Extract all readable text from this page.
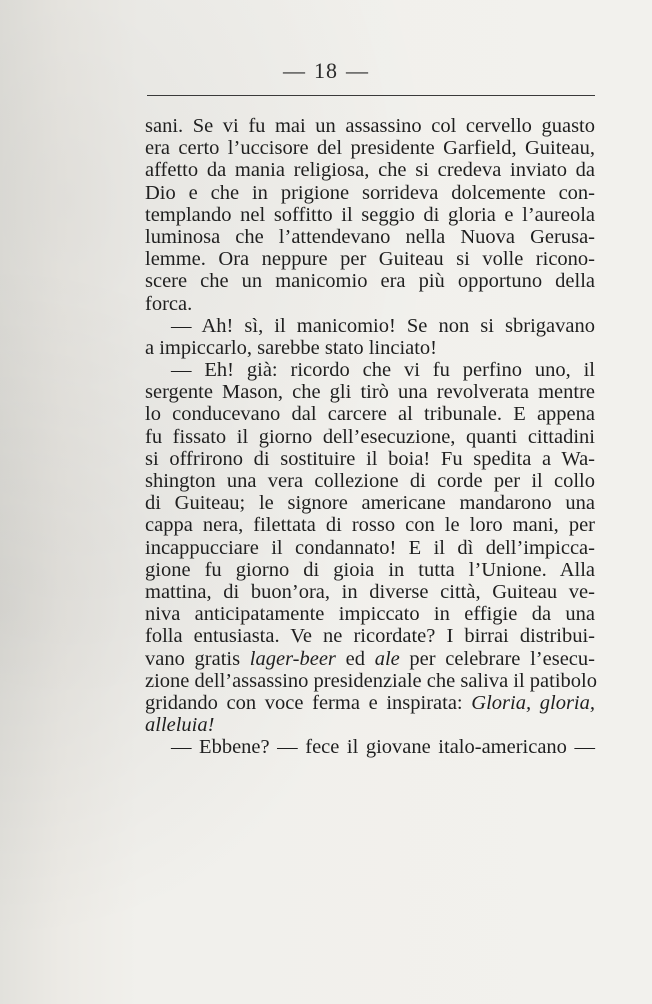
— 18 —
sani. Se vi fu mai un assassino col cervello guasto
era certo l’uccisore del presidente Garfield, Guiteau,
affetto da mania religiosa, che si credeva inviato da
Dio e che in prigione sorrideva dolcemente con-
templando nel soffitto il seggio di gloria e l’aureola
luminosa che l’attendevano nella Nuova Gerusa-
lemme. Ora neppure per Guiteau si volle ricono-
scere che un manicomio era più opportuno della
forca.
— Ah! sì, il manicomio! Se non si sbrigavano
a impiccarlo, sarebbe stato linciato!
— Eh! già: ricordo che vi fu perfino uno, il
sergente Mason, che gli tirò una revolverata mentre
lo conducevano dal carcere al tribunale. E appena
fu fissato il giorno dell’esecuzione, quanti cittadini
si offrirono di sostituire il boia! Fu spedita a Wa-
shington una vera collezione di corde per il collo
di Guiteau; le signore americane mandarono una
cappa nera, filettata di rosso con le loro mani, per
incappucciare il condannato! E il dì dell’impicca-
gione fu giorno di gioia in tutta l’Unione. Alla
mattina, di buon’ora, in diverse città, Guiteau ve-
niva anticipatamente impiccato in effigie da una
folla entusiasta. Ve ne ricordate? I birrai distribui-
vano gratis lager-beer ed ale per celebrare l’esecu-
zione dell’assassino presidenziale che saliva il patibolo
gridando con voce ferma e inspirata: Gloria, gloria,
alleluia!
— Ebbene? — fece il giovane italo-americano —
